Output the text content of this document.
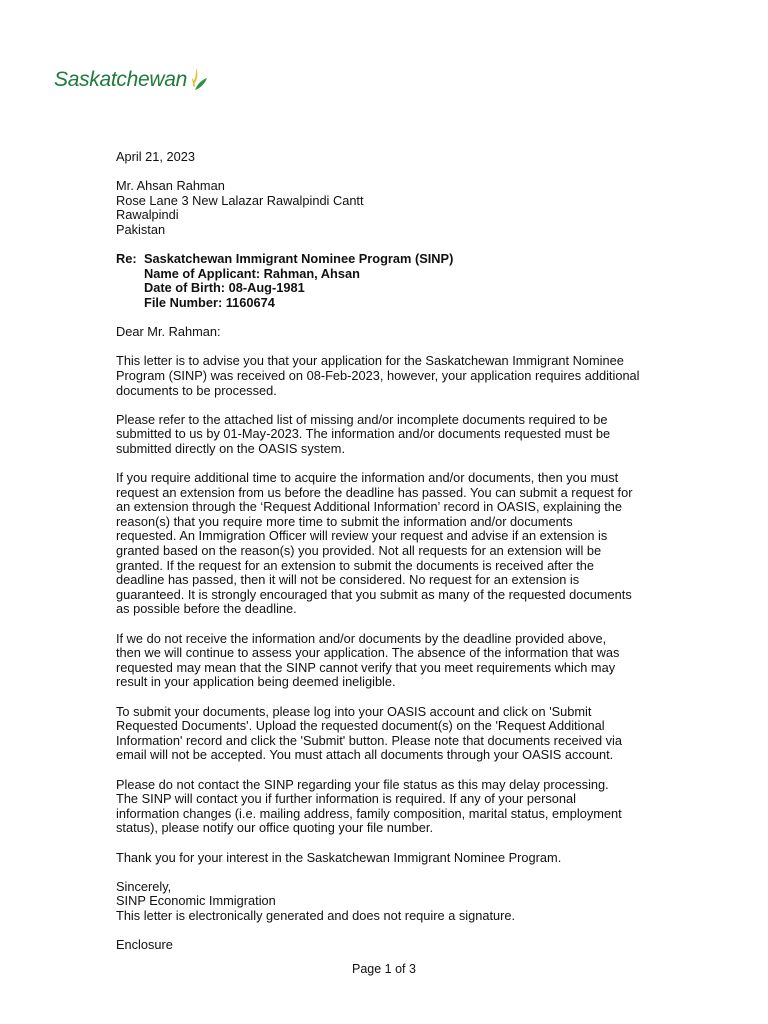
Saskatchewan
April 21, 2023
Mr. Ahsan Rahman
Rose Lane 3 New Lalazar Rawalpindi Cantt
Rawalpindi
Pakistan
Re: Saskatchewan Immigrant Nominee Program (SINP)
Name of Applicant: Rahman, Ahsan
Date of Birth: 08-Aug-1981
File Number: 1160674
Dear Mr. Rahman:
This letter is to advise you that your application for the Saskatchewan Immigrant Nominee
Program (SINP) was received on 08-Feb-2023, however, your application requires additional
documents to be processed.
Please refer to the attached list of missing and/or incomplete documents required to be
submitted to us by 01-May-2023. The information and/or documents requested must be
submitted directly on the OASIS system.
If you require additional time to acquire the information and/or documents, then you must
request an extension from us before the deadline has passed. You can submit a request for
an extension through the ‘Request Additional Information’ record in OASIS, explaining the
reason(s) that you require more time to submit the information and/or documents
requested. An Immigration Officer will review your request and advise if an extension is
granted based on the reason(s) you provided. Not all requests for an extension will be
granted. If the request for an extension to submit the documents is received after the
deadline has passed, then it will not be considered. No request for an extension is
guaranteed. It is strongly encouraged that you submit as many of the requested documents
as possible before the deadline.
If we do not receive the information and/or documents by the deadline provided above,
then we will continue to assess your application. The absence of the information that was
requested may mean that the SINP cannot verify that you meet requirements which may
result in your application being deemed ineligible.
To submit your documents, please log into your OASIS account and click on 'Submit
Requested Documents'. Upload the requested document(s) on the 'Request Additional
Information' record and click the 'Submit' button. Please note that documents received via
email will not be accepted. You must attach all documents through your OASIS account.
Please do not contact the SINP regarding your file status as this may delay processing.
The SINP will contact you if further information is required. If any of your personal
information changes (i.e. mailing address, family composition, marital status, employment
status), please notify our office quoting your file number.
Thank you for your interest in the Saskatchewan Immigrant Nominee Program.
Sincerely,
SINP Economic Immigration
This letter is electronically generated and does not require a signature.
Enclosure
Page 1 of 3
